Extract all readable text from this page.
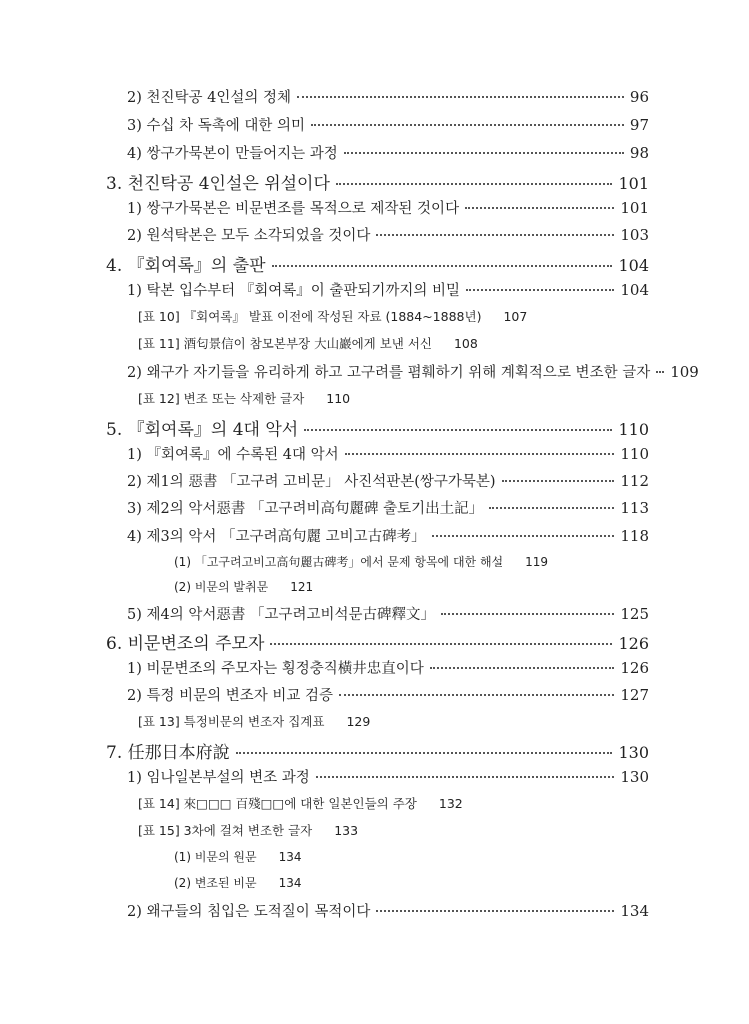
2) 천진탁공 4인설의 정체	96
3) 수십 차 독촉에 대한 의미	97
4) 쌍구가묵본이 만들어지는 과정	98
3. 천진탁공 4인설은 위설이다	101
1) 쌍구가묵본은 비문변조를 목적으로 제작된 것이다	101
2) 원석탁본은 모두 소각되었을 것이다	103
4. 『회여록』의 출판	104
1) 탁본 입수부터 『회여록』이 출판되기까지의 비밀	104
[표 10] 『회여록』 발표 이전에 작성된 자료 (1884~1888년) 107
[표 11] 酒匂景信이 참모본부장 大山巖에게 보낸 서신 108
2) 왜구가 자기들을 유리하게 하고 고구려를 폄훼하기 위해 계획적으로 변조한 글자 109
[표 12] 변조 또는 삭제한 글자 110
5. 『회여록』의 4대 악서	110
1) 『회여록』에 수록된 4대 악서	110
2) 제1의 惡書 「고구려 고비문」 사진석판본(쌍구가묵본)	112
3) 제2의 악서惡書 「고구려비高句麗碑 출토기出土記」	113
4) 제3의 악서 「고구려高句麗 고비고古碑考」	118
(1) 「고구려고비고高句麗古碑考」에서 문제 항목에 대한 해설 119
(2) 비문의 발취문 121
5) 제4의 악서惡書 「고구려고비석문古碑釋文」	125
6. 비문변조의 주모자	126
1) 비문변조의 주모자는 횡정충직橫井忠直이다	126
2) 특정 비문의 변조자 비교 검증	127
[표 13] 특정비문의 변조자 집계표 129
7. 任那日本府說	130
1) 임나일본부설의 변조 과정	130
[표 14] 來□□□ 百殘□□에 대한 일본인들의 주장 132
[표 15] 3차에 걸쳐 변조한 글자 133
(1) 비문의 원문 134
(2) 변조된 비문 134
2) 왜구들의 침입은 도적질이 목적이다	134
